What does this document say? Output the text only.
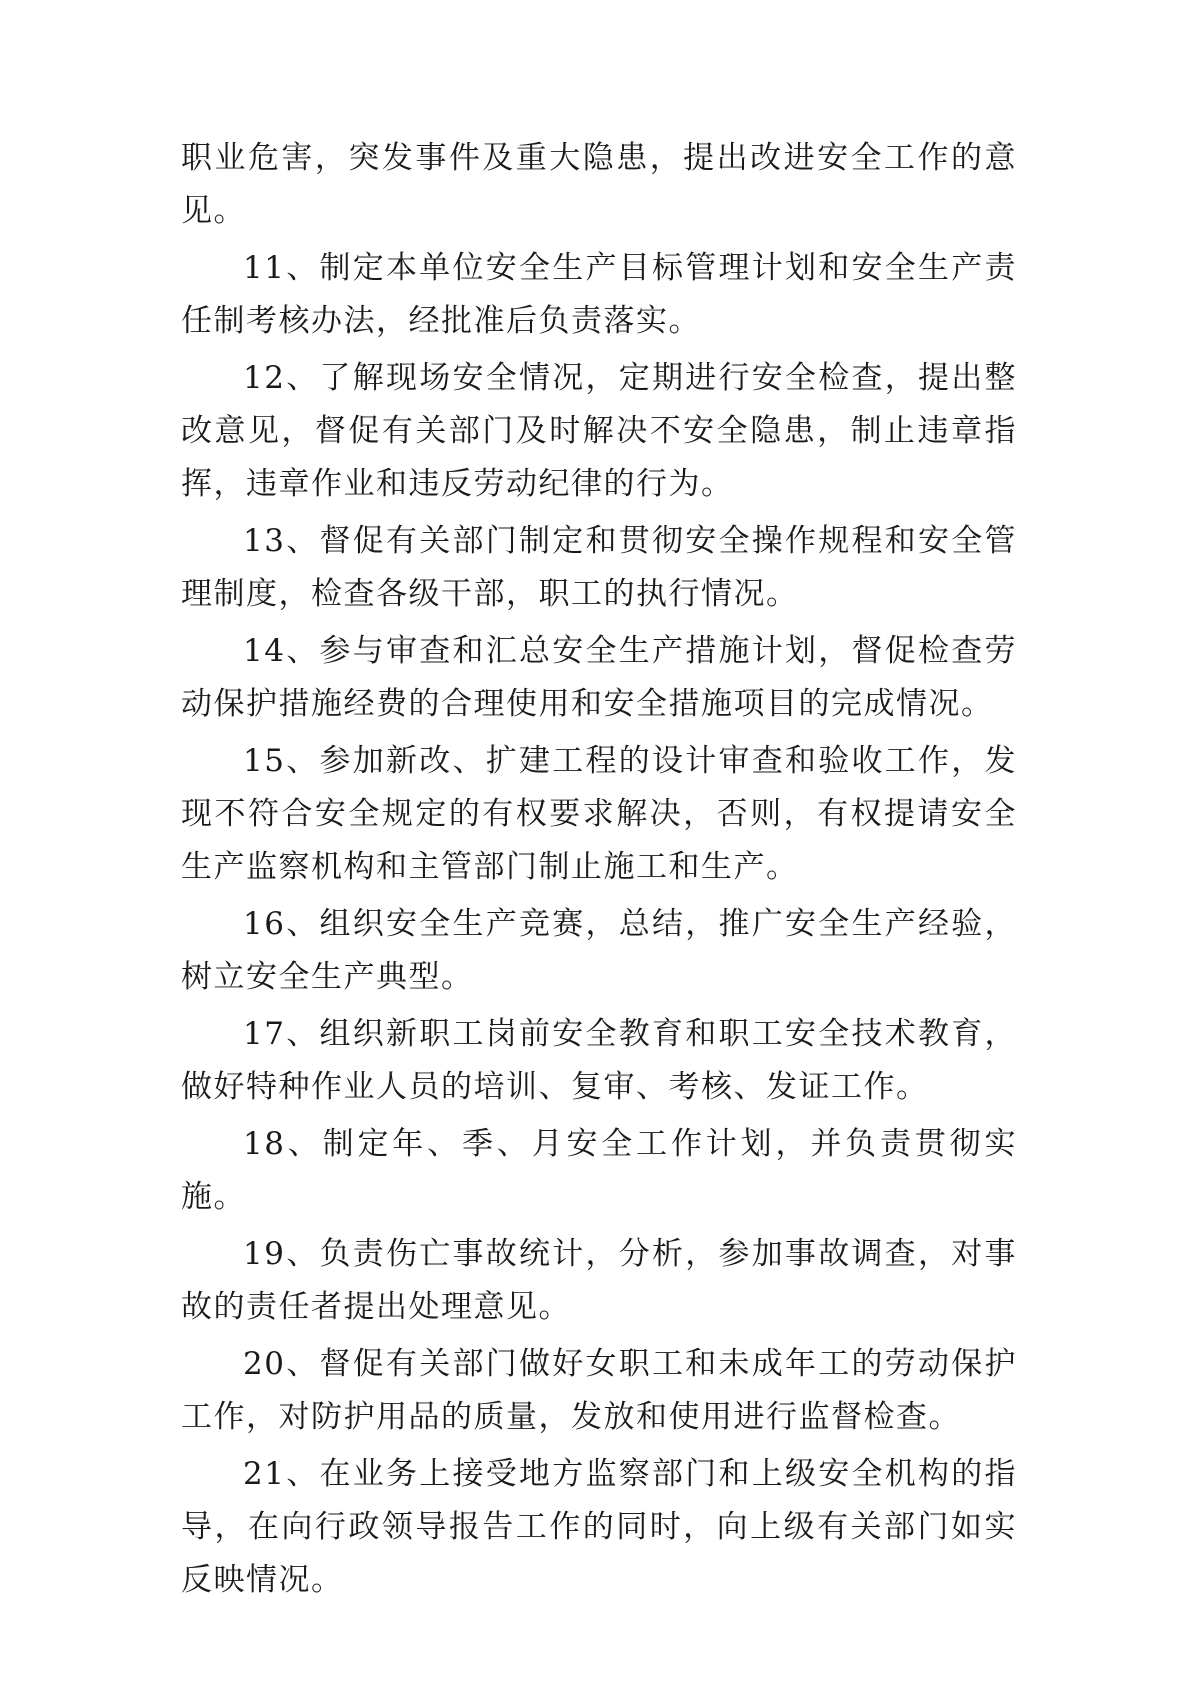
职业危害，突发事件及重大隐患，提出改进安全工作的意见。

11、制定本单位安全生产目标管理计划和安全生产责任制考核办法，经批准后负责落实。

12、了解现场安全情况，定期进行安全检查，提出整改意见，督促有关部门及时解决不安全隐患，制止违章指挥，违章作业和违反劳动纪律的行为。

13、督促有关部门制定和贯彻安全操作规程和安全管理制度，检查各级干部，职工的执行情况。

14、参与审查和汇总安全生产措施计划，督促检查劳动保护措施经费的合理使用和安全措施项目的完成情况。

15、参加新改、扩建工程的设计审查和验收工作，发现不符合安全规定的有权要求解决，否则，有权提请安全生产监察机构和主管部门制止施工和生产。

16、组织安全生产竞赛，总结，推广安全生产经验，树立安全生产典型。

17、组织新职工岗前安全教育和职工安全技术教育，做好特种作业人员的培训、复审、考核、发证工作。

18、制定年、季、月安全工作计划，并负责贯彻实施。

19、负责伤亡事故统计，分析，参加事故调查，对事故的责任者提出处理意见。

20、督促有关部门做好女职工和未成年工的劳动保护工作，对防护用品的质量，发放和使用进行监督检查。

21、在业务上接受地方监察部门和上级安全机构的指导，在向行政领导报告工作的同时，向上级有关部门如实反映情况。
